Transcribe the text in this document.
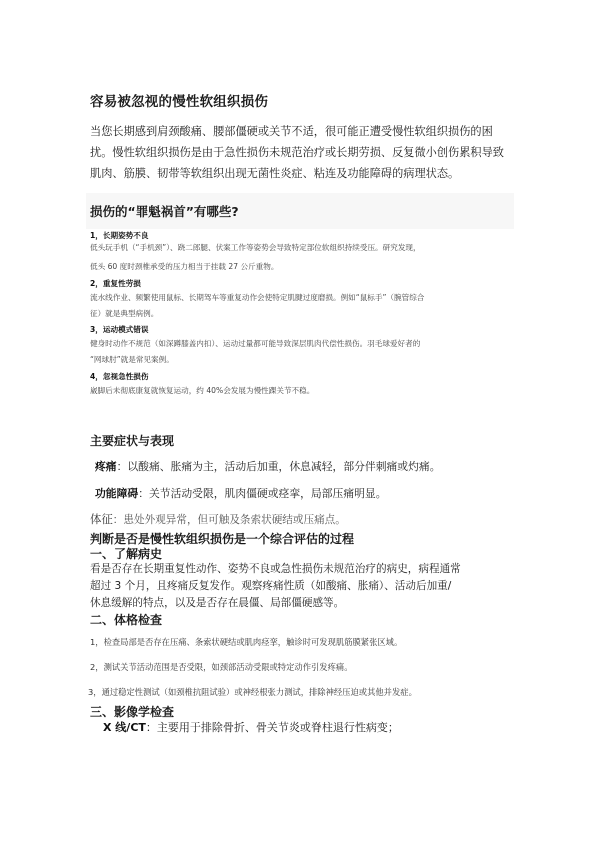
容易被忽视的慢性软组织损伤

当您长期感到肩颈酸痛、腰部僵硬或关节不适，很可能正遭受慢性软组织损伤的困扰。慢性软组织损伤是由于急性损伤未规范治疗或长期劳损、反复微小创伤累积导致肌肉、筋膜、韧带等软组织出现无菌性炎症、粘连及功能障碍的病理状态。

损伤的“罪魁祸首”有哪些?
1，长期姿势不良
低头玩手机（“手机颈”）、跷二郎腿、伏案工作等姿势会导致特定部位软组织持续受压。研究发现，
低头 60 度时颈椎承受的压力相当于挂载 27 公斤重物。
2，重复性劳损
流水线作业、频繁使用鼠标、长期驾车等重复动作会使特定肌腱过度磨损。例如“鼠标手”（腕管综合
征）就是典型病例。
3，运动模式错误
健身时动作不规范（如深蹲膝盖内扣）、运动过量都可能导致深层肌肉代偿性损伤。羽毛球爱好者的
“网球肘”就是常见案例。
4，忽视急性损伤
崴脚后未彻底康复就恢复运动，约 40%会发展为慢性踝关节不稳。
主要症状与表现
疼痛：以酸痛、胀痛为主，活动后加重，休息减轻，部分伴刺痛或灼痛。
功能障碍：关节活动受限，肌肉僵硬或痉挛，局部压痛明显。
体征：患处外观异常，但可触及条索状硬结或压痛点。
判断是否是慢性软组织损伤是一个综合评估的过程
一、了解病史
看是否存在长期重复性动作、姿势不良或急性损伤未规范治疗的病史，病程通常
超过 3 个月，且疼痛反复发作。观察疼痛性质（如酸痛、胀痛）、活动后加重/
休息缓解的特点，以及是否存在晨僵、局部僵硬感等。
二、体格检查
1，检查局部是否存在压痛、条索状硬结或肌肉痉挛，触诊时可发现肌筋膜紧张区域。
2，测试关节活动范围是否受限，如颈部活动受限或特定动作引发疼痛。
3，通过稳定性测试（如颈椎抗阻试验）或神经根张力测试，排除神经压迫或其他并发症。
三、影像学检查
X 线/CT：主要用于排除骨折、骨关节炎或脊柱退行性病变；
